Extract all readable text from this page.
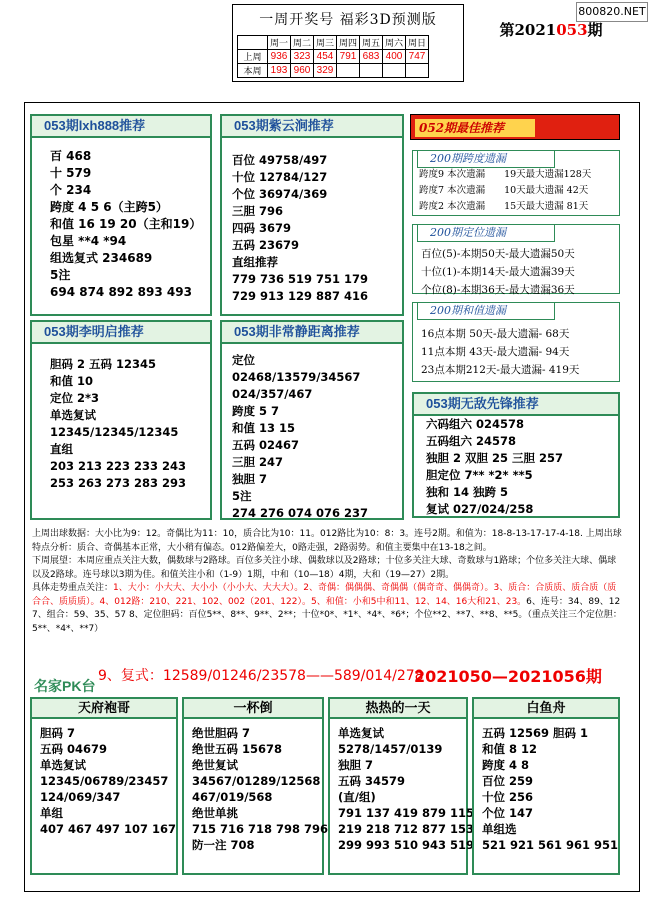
800820.NET
一周开奖号 福彩3D预测版
	周一	周二	周三	周四	周五	周六	周日
上周	936	323	454	791	683	400	747
本周	193	960	329				
第2021053期
053期lxh888推荐
百 468
十 579
个 234
跨度 4 5 6（主跨5）
和值 16 19 20（主和19）
包星 **4 *94
组选复式 234689
5注
694 874 892 893 493
053期李明启推荐
胆码 2 五码 12345
和值 10
定位 2*3
单选复试
12345/12345/12345
直组
203 213 223 233 243
253 263 273 283 293
053期紫云涧推荐
百位 49758/497
十位 12784/127
个位 36974/369
三胆 796
四码 3679
五码 23679
直组推荐
779 736 519 751 179
729 913 129 887 416
053期非常静距离推荐
定位
02468/13579/34567
024/357/467
跨度 5 7
和值 13 15
五码 02467
三胆 247
独胆 7
5注
274 276 074 076 237
052期最佳推荐
200期跨度遗漏
跨度9 本次遗漏　　19天最大遗漏128天
跨度7 本次遗漏　　10天最大遗漏 42天
跨度2 本次遗漏　　15天最大遗漏 81天
200期定位遗漏
百位(5)-本期50天-最大遗漏50天
十位(1)-本期14天-最大遗漏39天
个位(8)-本期36天-最大遗漏36天
200期和值遗漏
16点本期 50天-最大遗漏- 68天
11点本期 43天-最大遗漏- 94天
23点本期212天-最大遗漏- 419天
053期无敌先锋推荐
六码组六 024578
五码组六 24578
独胆 2 双胆 25 三胆 257
胆定位 7** *2* **5
独和 14 独跨 5
复试 027/024/258

上周出球数据：大小比为9：12。奇偶比为11：10，质合比为10：11。012路比为10：8：3。连号2期。和值为：18-8-13-17-17-4-18. 上周出球特点分析：质合、奇偶基本正常，大小稍有偏态。012路偏差大，0路走强，2路弱势。和值主要集中在13-18之间。

下周展望：本周应重点关注大数，偶数球与2路球。百位多关注小球、偶数球以及2路球；十位多关注大球、奇数球与1路球；个位多关注大球、偶球以及2路球。连号球以3期为佳。和值关注小和（1-9）1期，中和（10—18）4期，大和（19—27）2期。

具体走势重点关注：1、大小：小大大、大小小（小小大、大大大）。2、奇偶：偶偶偶、奇偶偶（偶奇奇、偶偶奇）。3、质合：合质质、质合质（质合合、质质质）。4、012路：210、221、102、002（201、122）。5、和值：小和5中和11、12、14、16大和21、23。6、连号：34、89、12 7、组合：59、35、57 8、定位胆码：百位5**、8**、9**、2**；十位*0*、*1*、*4*、*6*；个位**2、**7、**8、**5。（重点关注三个定位胆：5**、*4*、**7）

9、复式：12589/01246/23578——589/014/278
2021050—2021056期
名家PK台
天府袍哥
胆码 7
五码 04679
单选复试
12345/06789/23457
124/069/347
单组
407 467 497 107 167
一杯倒
绝世胆码 7
绝世五码 15678
绝世复试
34567/01289/12568
467/019/568
绝世单挑
715 716 718 798 796
防一注 708
热热的一天
单选复试
5278/1457/0139
独胆 7
五码 34579
(直/组)
791 137 419 879 115
219 218 712 877 153
299 993 510 943 519
白鱼舟
五码 12569 胆码 1
和值 8 12
跨度 4 8
百位 259
十位 256
个位 147
单组选
521 921 561 961 951
